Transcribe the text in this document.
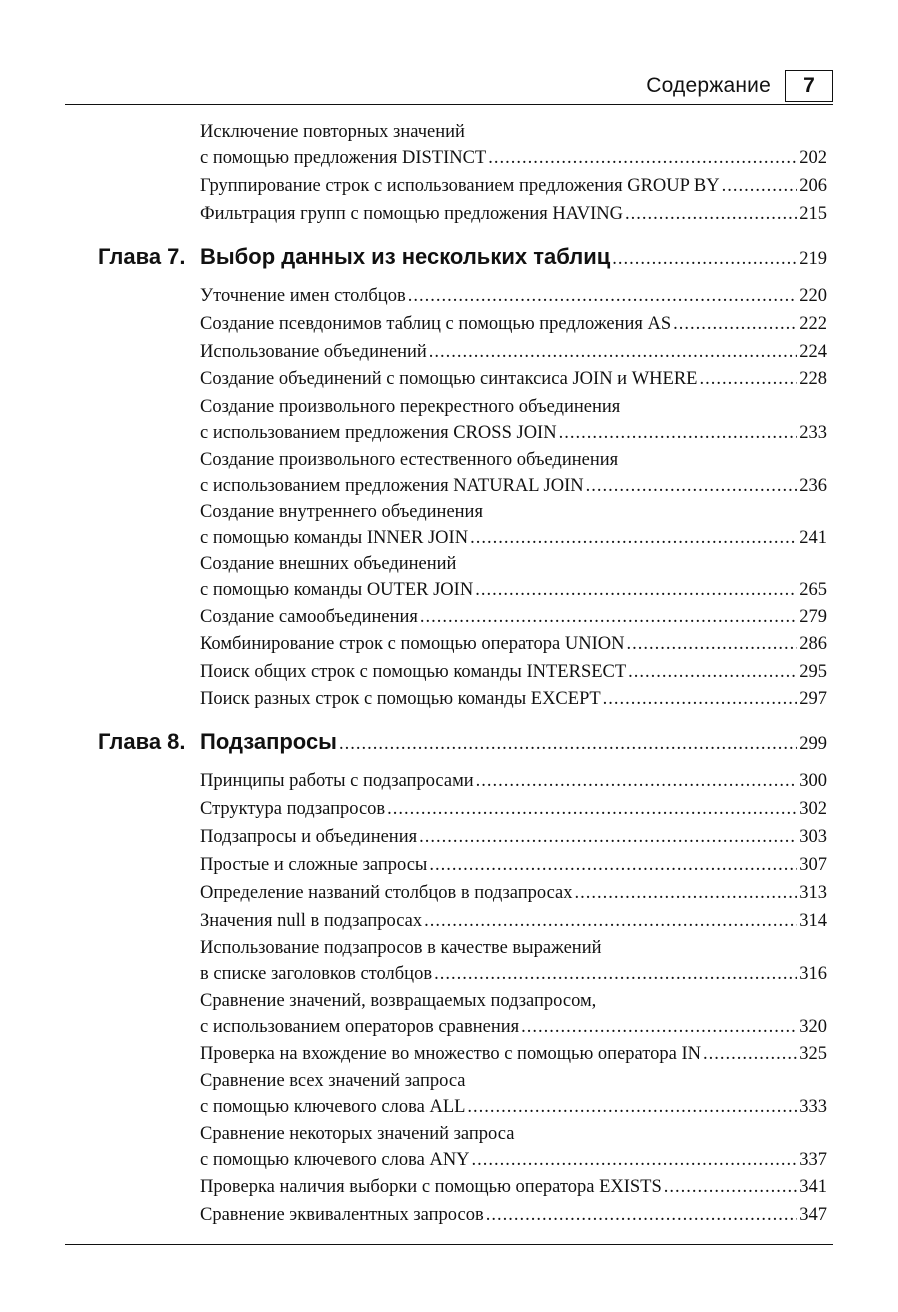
Содержание	7
Исключение повторных значений
с помощью предложения DISTINCT .....	202
Группирование строк с использованием предложения GROUP BY .....	206
Фильтрация групп с помощью предложения HAVING .....	215
Глава 7. Выбор данных из нескольких таблиц .....	219
Уточнение имен столбцов .....	220
Создание псевдонимов таблиц с помощью предложения AS .....	222
Использование объединений .....	224
Создание объединений с помощью синтаксиса JOIN и WHERE .....	228
Создание произвольного перекрестного объединения
с использованием предложения CROSS JOIN .....	233
Создание произвольного естественного объединения
с использованием предложения NATURAL JOIN .....	236
Создание внутреннего объединения
с помощью команды INNER JOIN .....	241
Создание внешних объединений
с помощью команды OUTER JOIN .....	265
Создание самообъединения .....	279
Комбинирование строк с помощью оператора UNION .....	286
Поиск общих строк с помощью команды INTERSECT .....	295
Поиск разных строк с помощью команды EXCEPT .....	297
Глава 8. Подзапросы .....	299
Принципы работы с подзапросами .....	300
Структура подзапросов .....	302
Подзапросы и объединения .....	303
Простые и сложные запросы .....	307
Определение названий столбцов в подзапросах .....	313
Значения null в подзапросах .....	314
Использование подзапросов в качестве выражений
в списке заголовков столбцов .....	316
Сравнение значений, возвращаемых подзапросом,
с использованием операторов сравнения .....	320
Проверка на вхождение во множество с помощью оператора IN .....	325
Сравнение всех значений запроса
с помощью ключевого слова ALL .....	333
Сравнение некоторых значений запроса
с помощью ключевого слова ANY .....	337
Проверка наличия выборки с помощью оператора EXISTS .....	341
Сравнение эквивалентных запросов .....	347
